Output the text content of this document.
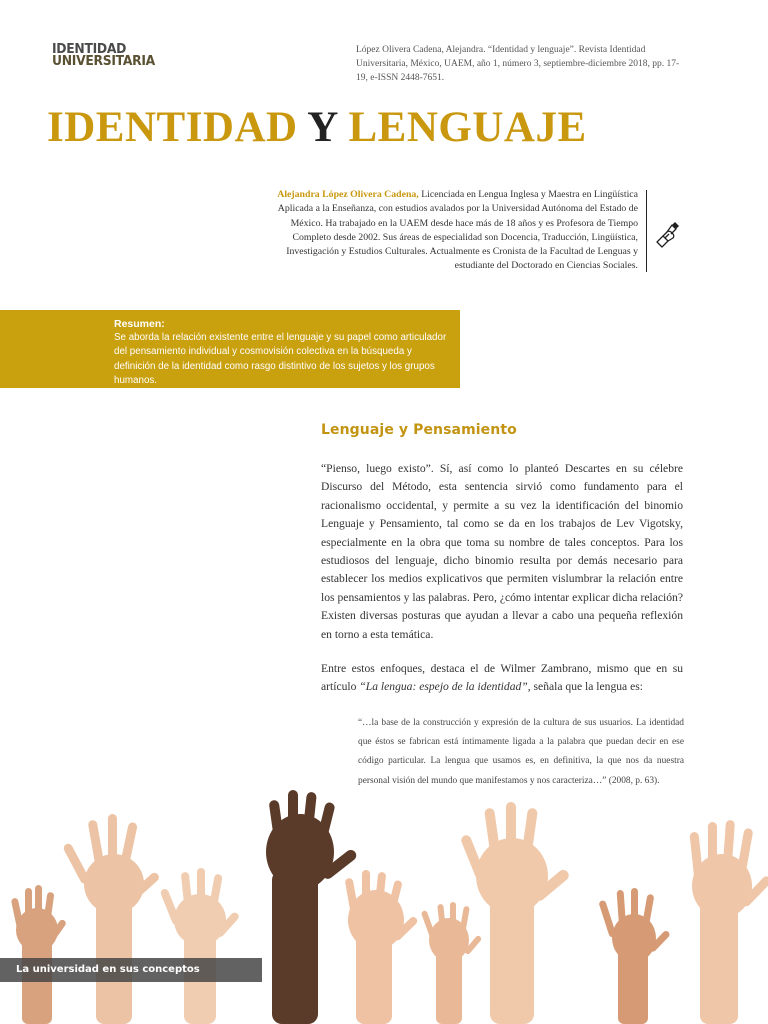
IDENTIDAD
UNIVERSITARIA
López Olivera Cadena, Alejandra. “Identidad y lenguaje”. Revista Identidad Universitaria, México, UAEM, año 1, número 3, septiembre-diciembre 2018, pp. 17-19, e-ISSN 2448-7651.
IDENTIDAD Y LENGUAJE
Alejandra López Olivera Cadena, Licenciada en Lengua Inglesa y Maestra en Lingüística Aplicada a la Enseñanza, con estudios avalados por la Universidad Autónoma del Estado de México. Ha trabajado en la UAEM desde hace más de 18 años y es Profesora de Tiempo Completo desde 2002. Sus áreas de especialidad son Docencia, Traducción, Lingüística, Investigación y Estudios Culturales. Actualmente es Cronista de la Facultad de Lenguas y estudiante del Doctorado en Ciencias Sociales.
Resumen:
Se aborda la relación existente entre el lenguaje y su papel como articulador del pensamiento individual y cosmovisión colectiva en la búsqueda y definición de la identidad como rasgo distintivo de los sujetos y los grupos humanos.
Lenguaje y Pensamiento

“Pienso, luego existo”. Sí, así como lo planteó Descartes en su célebre Discurso del Método, esta sentencia sirvió como fundamento para el racionalismo occidental, y permite a su vez la identificación del binomio Lenguaje y Pensamiento, tal como se da en los trabajos de Lev Vigotsky, especialmente en la obra que toma su nombre de tales conceptos. Para los estudiosos del lenguaje, dicho binomio resulta por demás necesario para establecer los medios explicativos que permiten vislumbrar la relación entre los pensamientos y las palabras. Pero, ¿cómo intentar explicar dicha relación? Existen diversas posturas que ayudan a llevar a cabo una pequeña reflexión en torno a esta temática.

Entre estos enfoques, destaca el de Wilmer Zambrano, mismo que en su artículo “La lengua: espejo de la identidad”, señala que la lengua es:

“…la base de la construcción y expresión de la cultura de sus usuarios. La identidad que éstos se fabrican está íntimamente ligada a la palabra que puedan decir en ese código particular. La lengua que usamos es, en definitiva, la que nos da nuestra personal visión del mundo que manifestamos y nos caracteriza…” (2008, p. 63).
La universidad en sus conceptos
